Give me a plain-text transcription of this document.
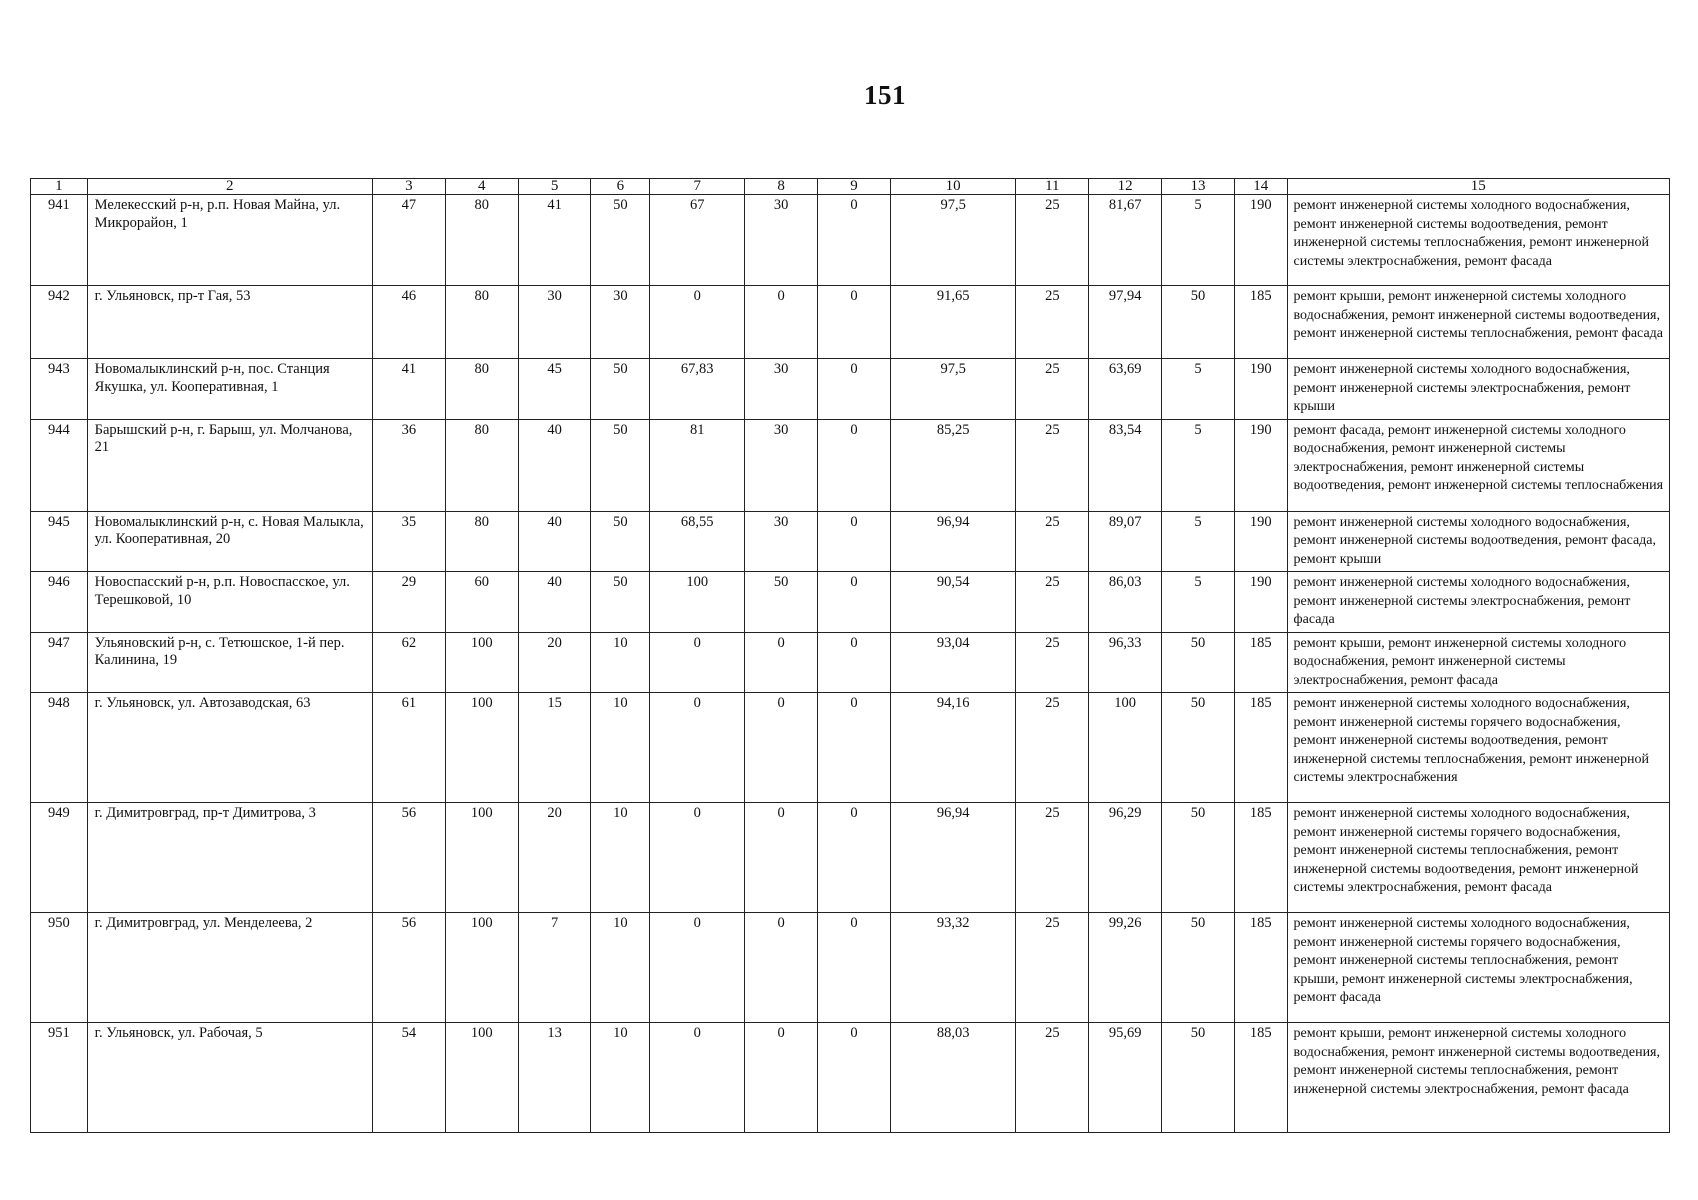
151
1	2	3	4	5	6	7	8	9	10	11	12	13	14	15
941	Мелекесский р-н, р.п. Новая Майна, ул. Микрорайон, 1	47	80	41	50	67	30	0	97,5	25	81,67	5	190	ремонт инженерной системы холодного водоснабжения, ремонт инженерной системы водоотведения, ремонт инженерной системы теплоснабжения, ремонт инженерной системы электроснабжения, ремонт фасада
942	г. Ульяновск, пр-т Гая, 53	46	80	30	30	0	0	0	91,65	25	97,94	50	185	ремонт крыши, ремонт инженерной системы холодного водоснабжения, ремонт инженерной системы водоотведения, ремонт инженерной системы теплоснабжения, ремонт фасада
943	Новомалыклинский р-н, пос. Станция Якушка, ул. Кооперативная, 1	41	80	45	50	67,83	30	0	97,5	25	63,69	5	190	ремонт инженерной системы холодного водоснабжения, ремонт инженерной системы электроснабжения, ремонт крыши
944	Барышский р-н, г. Барыш, ул. Молчанова, 21	36	80	40	50	81	30	0	85,25	25	83,54	5	190	ремонт фасада, ремонт инженерной системы холодного водоснабжения, ремонт инженерной системы электроснабжения, ремонт инженерной системы водоотведения, ремонт инженерной системы теплоснабжения
945	Новомалыклинский р-н, с. Новая Малыкла, ул. Кооперативная, 20	35	80	40	50	68,55	30	0	96,94	25	89,07	5	190	ремонт инженерной системы холодного водоснабжения, ремонт инженерной системы водоотведения, ремонт фасада, ремонт крыши
946	Новоспасский р-н, р.п. Новоспасское, ул. Терешковой, 10	29	60	40	50	100	50	0	90,54	25	86,03	5	190	ремонт инженерной системы холодного водоснабжения, ремонт инженерной системы электроснабжения, ремонт фасада
947	Ульяновский р-н, с. Тетюшское, 1-й пер. Калинина, 19	62	100	20	10	0	0	0	93,04	25	96,33	50	185	ремонт крыши, ремонт инженерной системы холодного водоснабжения, ремонт инженерной системы электроснабжения, ремонт фасада
948	г. Ульяновск, ул. Автозаводская, 63	61	100	15	10	0	0	0	94,16	25	100	50	185	ремонт инженерной системы холодного водоснабжения, ремонт инженерной системы горячего водоснабжения, ремонт инженерной системы водоотведения, ремонт инженерной системы теплоснабжения, ремонт инженерной системы электроснабжения
949	г. Димитровград, пр-т Димитрова, 3	56	100	20	10	0	0	0	96,94	25	96,29	50	185	ремонт инженерной системы холодного водоснабжения, ремонт инженерной системы горячего водоснабжения, ремонт инженерной системы теплоснабжения, ремонт инженерной системы водоотведения, ремонт инженерной системы электроснабжения, ремонт фасада
950	г. Димитровград, ул. Менделеева, 2	56	100	7	10	0	0	0	93,32	25	99,26	50	185	ремонт инженерной системы холодного водоснабжения, ремонт инженерной системы горячего водоснабжения, ремонт инженерной системы теплоснабжения, ремонт крыши, ремонт инженерной системы электроснабжения, ремонт фасада
951	г. Ульяновск, ул. Рабочая, 5	54	100	13	10	0	0	0	88,03	25	95,69	50	185	ремонт крыши, ремонт инженерной системы холодного водоснабжения, ремонт инженерной системы водоотведения, ремонт инженерной системы теплоснабжения, ремонт инженерной системы электроснабжения, ремонт фасада
